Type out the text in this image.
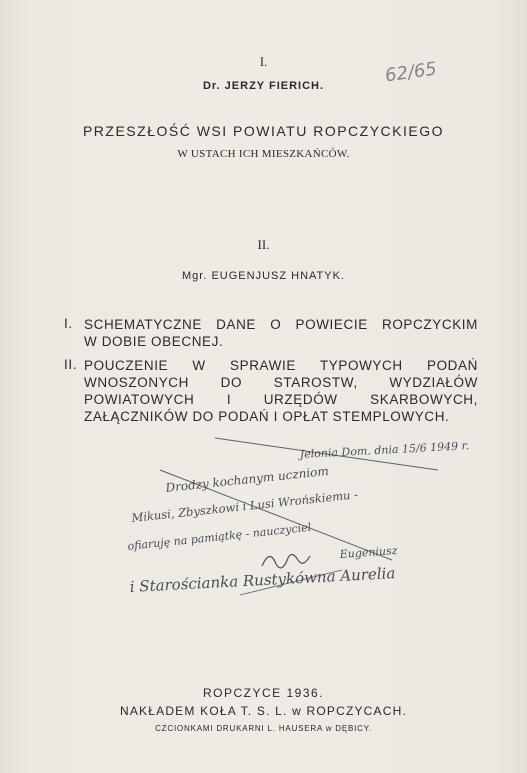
I.	62/65
Dr. JERZY FIERICH.
PRZESZŁOŚĆ WSI POWIATU ROPCZYCKIEGO
W USTACH ICH MIESZKAŃCÓW.
II.
Mgr. EUGENJUSZ HNATYK.
I. SCHEMATYCZNE DANE O POWIECIE ROPCZYCKIM
W DOBIE OBECNEJ.
II. POUCZENIE W SPRAWIE TYPOWYCH PODAŃ
WNOSZONYCH DO STAROSTW, WYDZIAŁÓW
POWIATOWYCH I URZĘDÓW SKARBOWYCH,
ZAŁĄCZNIKÓW DO PODAŃ I OPŁAT STEMPLOWYCH.
Jelonia Dom. dnia 15/6 1949 r.
Drodzy kochanym uczniom
Mikusi, Zbyszkowi i Lusi Wrońskiemu -
ofiaruję na pamiątkę - nauczyciel	Eugeniusz
i Starościanka Rustykówna Aurelia
ROPCZYCE 1936.
NAKŁADEM KOŁA T. S. L. w ROPCZYCACH.
CZCIONKAMI DRUKARNI L. HAUSERA w DĘBICY.
